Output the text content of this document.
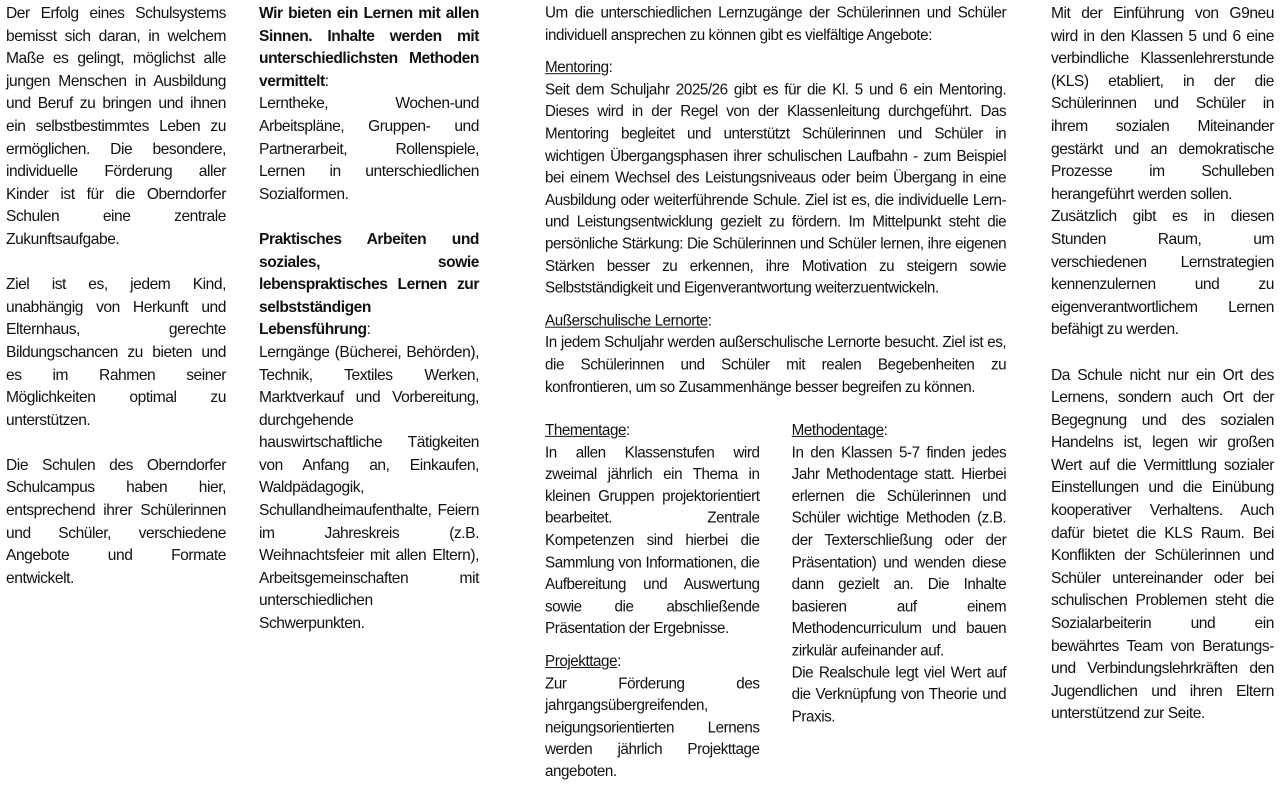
Der Erfolg eines Schulsystems bemisst sich daran, in welchem Maße es gelingt, möglichst alle jungen Menschen in Ausbildung und Beruf zu bringen und ihnen ein selbstbestimmtes Leben zu ermöglichen. Die besondere, individuelle Förderung aller Kinder ist für die Oberndorfer Schulen eine zentrale Zukunftsaufgabe.

Ziel ist es, jedem Kind, unabhängig von Herkunft und Elternhaus, gerechte Bildungschancen zu bieten und es im Rahmen seiner Möglichkeiten optimal zu unterstützen.

Die Schulen des Oberndorfer Schulcampus haben hier, entsprechend ihrer Schülerinnen und Schüler, verschiedene Angebote und Formate entwickelt.

Wir bieten ein Lernen mit allen Sinnen. Inhalte werden mit unterschiedlichsten Methoden vermittelt:
Lerntheke, Wochen-und Arbeitspläne, Gruppen- und Partnerarbeit, Rollenspiele, Lernen in unterschiedlichen Sozialformen.

Praktisches Arbeiten und soziales, sowie lebenspraktisches Lernen zur selbstständigen Lebensführung:
Lerngänge (Bücherei, Behörden), Technik, Textiles Werken, Marktverkauf und Vorbereitung, durchgehende hauswirtschaftliche Tätigkeiten von Anfang an, Einkaufen, Waldpädagogik, Schullandheimaufenthalte, Feiern im Jahreskreis (z.B. Weihnachtsfeier mit allen Eltern), Arbeitsgemeinschaften mit unterschiedlichen Schwerpunkten.

Um die unterschiedlichen Lernzugänge der Schülerinnen und Schüler individuell ansprechen zu können gibt es vielfältige Angebote:

Mentoring:
Seit dem Schuljahr 2025/26 gibt es für die Kl. 5 und 6 ein Mentoring. Dieses wird in der Regel von der Klassenleitung durchgeführt. Das Mentoring begleitet und unterstützt Schülerinnen und Schüler in wichtigen Übergangsphasen ihrer schulischen Laufbahn - zum Beispiel bei einem Wechsel des Leistungsniveaus oder beim Übergang in eine Ausbildung oder weiterführende Schule. Ziel ist es, die individuelle Lern- und Leistungsentwicklung gezielt zu fördern. Im Mittelpunkt steht die persönliche Stärkung: Die Schülerinnen und Schüler lernen, ihre eigenen Stärken besser zu erkennen, ihre Motivation zu steigern sowie Selbstständigkeit und Eigenverantwortung weiterzuentwickeln.

Außerschulische Lernorte:
In jedem Schuljahr werden außerschulische Lernorte besucht. Ziel ist es, die Schülerinnen und Schüler mit realen Begebenheiten zu konfrontieren, um so Zusammenhänge besser begreifen zu können.

Thementage:
In allen Klassenstufen wird zweimal jährlich ein Thema in kleinen Gruppen projektorientiert bearbeitet. Zentrale Kompetenzen sind hierbei die Sammlung von Informationen, die Aufbereitung und Auswertung sowie die abschließende Präsentation der Ergebnisse.

Projekttage:
Zur Förderung des jahrgangsübergreifenden, neigungsorientierten Lernens werden jährlich Projekttage angeboten.

Methodentage:
In den Klassen 5-7 finden jedes Jahr Methodentage statt. Hierbei erlernen die Schülerinnen und Schüler wichtige Methoden (z.B. der Texterschließung oder der Präsentation) und wenden diese dann gezielt an. Die Inhalte basieren auf einem Methodencurriculum und bauen zirkulär aufeinander auf.

Die Realschule legt viel Wert auf die Verknüpfung von Theorie und Praxis.

Mit der Einführung von G9neu wird in den Klassen 5 und 6 eine verbindliche Klassenlehrerstunde (KLS) etabliert, in der die Schülerinnen und Schüler in ihrem sozialen Miteinander gestärkt und an demokratische Prozesse im Schulleben herangeführt werden sollen.

Zusätzlich gibt es in diesen Stunden Raum, um verschiedenen Lernstrategien kennenzulernen und zu eigenverantwortlichem Lernen befähigt zu werden.

Da Schule nicht nur ein Ort des Lernens, sondern auch Ort der Begegnung und des sozialen Handelns ist, legen wir großen Wert auf die Vermittlung sozialer Einstellungen und die Einübung kooperativer Verhaltens. Auch dafür bietet die KLS Raum. Bei Konflikten der Schülerinnen und Schüler untereinander oder bei schulischen Problemen steht die Sozialarbeiterin und ein bewährtes Team von Beratungs- und Verbindungslehrkräften den Jugendlichen und ihren Eltern unterstützend zur Seite.
